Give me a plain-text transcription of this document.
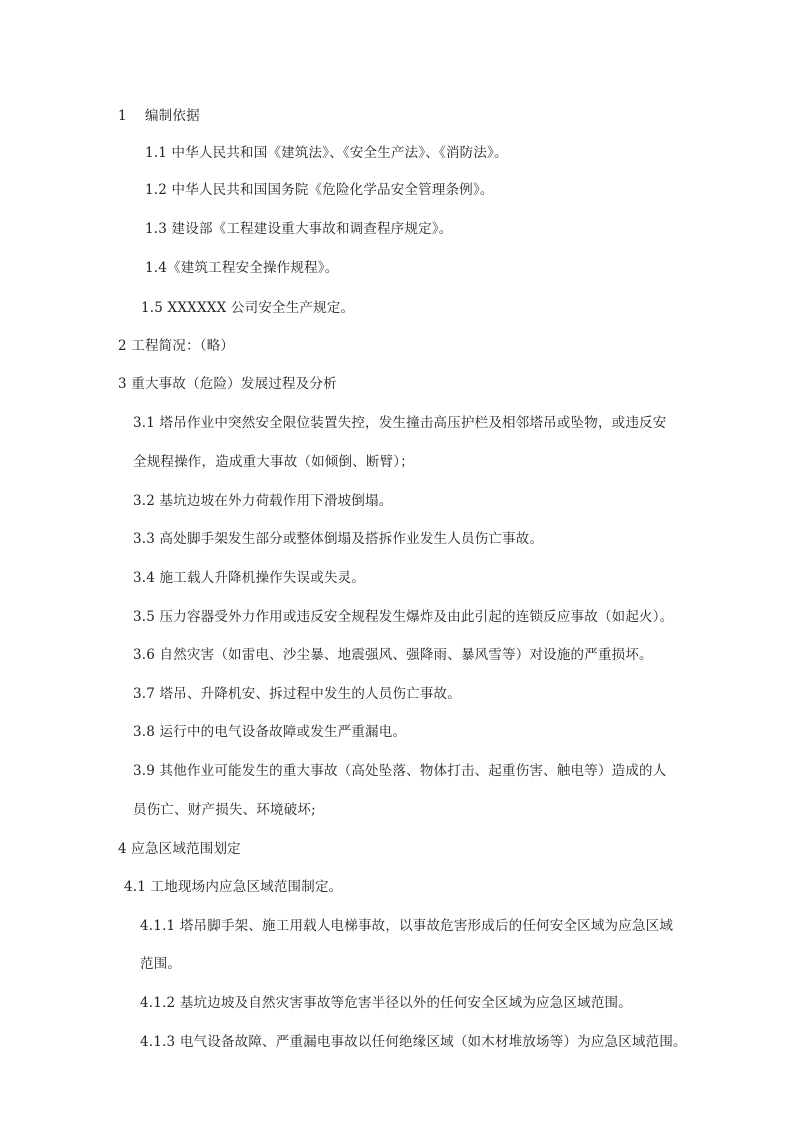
1　 编制依据
1.1 中华人民共和国《建筑法》、《安全生产法》、《消防法》。
1.2 中华人民共和国国务院《危险化学品安全管理条例》。
1.3 建设部《工程建设重大事故和调查程序规定》。
1.4《建筑工程安全操作规程》。
1.5 XXXXXX 公司安全生产规定。
2 工程简况：（略）
3 重大事故（危险）发展过程及分析
3.1 塔吊作业中突然安全限位装置失控，发生撞击高压护栏及相邻塔吊或坠物，或违反安
全规程操作，造成重大事故（如倾倒、断臂）；
3.2 基坑边坡在外力荷载作用下滑坡倒塌。
3.3 高处脚手架发生部分或整体倒塌及搭拆作业发生人员伤亡事故。
3.4 施工载人升降机操作失误或失灵。
3.5 压力容器受外力作用或违反安全规程发生爆炸及由此引起的连锁反应事故（如起火）。
3.6 自然灾害（如雷电、沙尘暴、地震强风、强降雨、暴风雪等）对设施的严重损坏。
3.7 塔吊、升降机安、拆过程中发生的人员伤亡事故。
3.8 运行中的电气设备故障或发生严重漏电。
3.9 其他作业可能发生的重大事故（高处坠落、物体打击、起重伤害、触电等）造成的人
员伤亡、财产损失、环境破坏;
4 应急区域范围划定
4.1 工地现场内应急区域范围制定。
4.1.1 塔吊脚手架、施工用载人电梯事故，以事故危害形成后的任何安全区域为应急区域
范围。
4.1.2 基坑边坡及自然灾害事故等危害半径以外的任何安全区域为应急区域范围。
4.1.3 电气设备故障、严重漏电事故以任何绝缘区域（如木材堆放场等）为应急区域范围。
